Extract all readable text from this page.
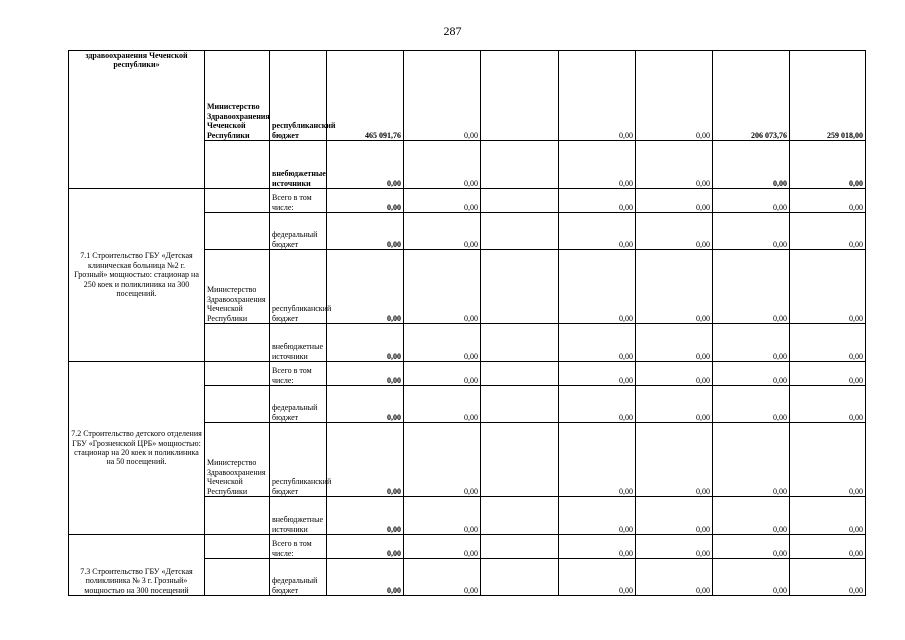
287
здравоохранения Чеченской республики»	Министерство Здравоохранения Чеченской Республики	республиканский бюджет	465 091,76	0,00		0,00	0,00	206 073,76	259 018,00
		внебюджетные источники	0,00	0,00		0,00	0,00	0,00	0,00
7.1 Строительство ГБУ «Детская клиническая больница №2 г. Грозный» мощностью: стационар на 250 коек и поликлиника на 300 посещений.		Всего в том числе:	0,00	0,00		0,00	0,00	0,00	0,00
		федеральный бюджет	0,00	0,00		0,00	0,00	0,00	0,00
	Министерство Здравоохранения Чеченской Республики	республиканский бюджет	0,00	0,00		0,00	0,00	0,00	0,00
		внебюджетные источники	0,00	0,00		0,00	0,00	0,00	0,00
7.2 Строительство детского отделения ГБУ «Грозненской ЦРБ» мощностью: стационар на 20 коек и поликлиника на 50 посещений.		Всего в том числе:	0,00	0,00		0,00	0,00	0,00	0,00
		федеральный бюджет	0,00	0,00		0,00	0,00	0,00	0,00
	Министерство Здравоохранения Чеченской Республики	республиканский бюджет	0,00	0,00		0,00	0,00	0,00	0,00
		внебюджетные источники	0,00	0,00		0,00	0,00	0,00	0,00
7.3 Строительство ГБУ «Детская поликлиника № 3 г. Грозный» мощностью на 300 посещений		Всего в том числе:	0,00	0,00		0,00	0,00	0,00	0,00
		федеральный бюджет	0,00	0,00		0,00	0,00	0,00	0,00
